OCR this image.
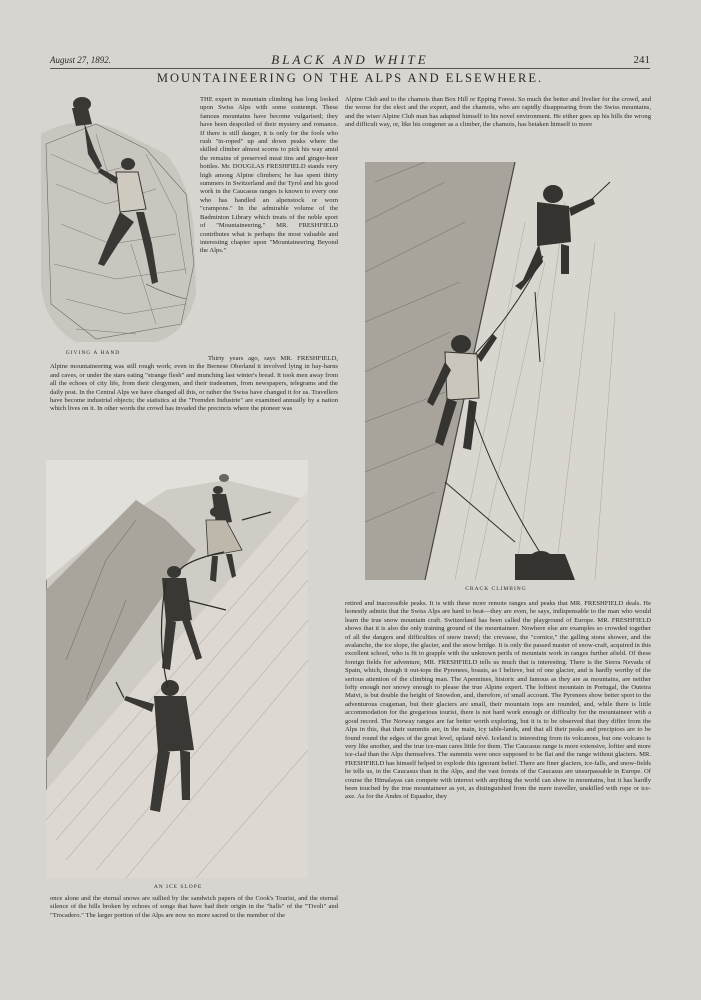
August 27, 1892.	BLACK AND WHITE	241
MOUNTAINEERING ON THE ALPS AND ELSEWHERE.
GIVING A HAND

THE expert in mountain climbing has long looked upon Swiss Alps with some contempt. These famous mountains have become vulgarised; they have been despoiled of their mystery and romance. If there is still danger, it is only for the fools who rush "in-roped" up and down peaks where the skilled climber almost scorns to pick his way amid the remains of preserved meat tins and ginger-beer bottles. Mr. DOUGLAS FRESHFIELD stands very high among Alpine climbers; he has spent thirty summers in Switzerland and the Tyrol and his good work in the Caucasus ranges is known to every one who has handled an alpenstock or worn "crampons." In the admirable volume of the Badminton Library which treats of the noble sport of "Mountaineering," MR. FRESHFIELD contributes what is perhaps the most valuable and interesting chapter upon "Mountaineering Beyond the Alps."

Thirty years ago, says MR. FRESHFIELD, Alpine mountaineering was still rough work; even in the Bernese Oberland it involved lying in hay-barns and caves, or under the stars eating "strange flesh" and munching last winter's bread. It took men away from all the echoes of city life, from their clergymen, and their tradesmen, from newspapers, telegrams and the daily post. In the Central Alps we have changed all this, or rather the Swiss have changed it for us. Travellers have become industrial objects; the statistics at the "Fremden Industrie" are examined annually by a nation which lives on it. In other words the crowd has invaded the precincts where the pioneer was

AN ICE SLOPE

once alone and the eternal snows are sullied by the sandwich papers of the Cook's Tourist, and the eternal silence of the hills broken by echoes of songs that have had their origin in the "halls" of the "Tivoli" and "Trocadero." The larger portion of the Alps are now no more sacred to the member of the

Alpine Club and to the chamois than Box Hill or Epping Forest. So much the better and livelier for the crowd, and the worse for the elect and the expert, and the chamois, who are rapidly disappearing from the Swiss mountains, and the wiser Alpine Club man has adapted himself to his novel environment. He either goes up his hills the wrong and difficult way, or, like his congener as a climber, the chamois, has betaken himself to more

CRACK CLIMBING

retired and inaccessible peaks. It is with these more remote ranges and peaks that MR. FRESHFIELD deals. He honestly admits that the Swiss Alps are hard to beat—they are even, he says, indispensable to the man who would learn the true snow mountain craft. Switzerland has been called the playground of Europe. MR. FRESHFIELD shows that it is also the only training ground of the mountaineer. Nowhere else are examples so crowded together of all the dangers and difficulties of snow travel; the crevasse, the "cornice," the galling stone shower, and the avalanche, the ice slope, the glacier, and the snow bridge. It is only the passed master of snow-craft, acquired in this excellent school, who is fit to grapple with the unknown perils of mountain work in ranges further afield. Of these foreign fields for adventure, MR. FRESHFIELD tells us much that is interesting. There is the Sierra Nevada of Spain, which, though it out-tops the Pyrenees, boasts, as I believe, but of one glacier, and is hardly worthy of the serious attention of the climbing man. The Apennines, historic and famous as they are as mountains, are neither lofty enough nor snowy enough to please the true Alpine expert. The loftiest mountain in Portugal, the Outeira Maivi, is but double the height of Snowdon, and, therefore, of small account. The Pyrenees show better sport to the adventurous cragsman, but their glaciers are small, their mountain tops are rounded, and, while there is little accommodation for the gregarious tourist, there is not hard work enough or difficulty for the mountaineer with a good record. The Norway ranges are far better worth exploring, but it is to be observed that they differ from the Alps in this, that their summits are, in the main, icy table-lands, and that all their peaks and precipices are to be found round the edges of the great level, upland névé. Iceland is interesting from its volcanoes, but one volcano is very like another, and the true ice-man cares little for them. The Caucasus range is more extensive, loftier and more ice-clad than the Alps themselves. The summits were once supposed to be flat and the range without glaciers. MR. FRESHFIELD has himself helped to explode this ignorant belief. There are finer glaciers, ice-falls, and snow-fields he tells us, in the Caucasus than in the Alps, and the vast forests of the Caucasus are unsurpassable in Europe. Of course the Himalayas can compete with interest with anything the world can show in mountains, but it has hardly been touched by the true mountaineer as yet, as distinguished from the mere traveller, unskilled with rope or ice-axe. As for the Andes of Equador, they
